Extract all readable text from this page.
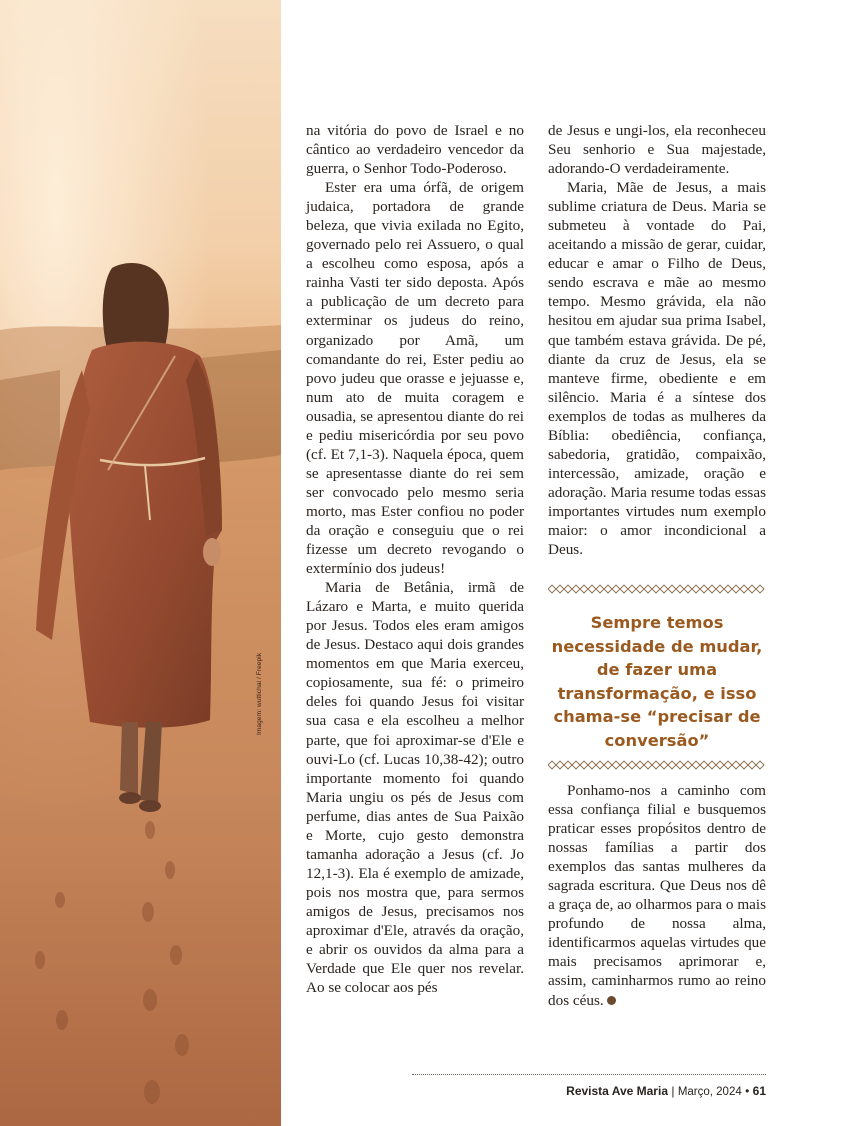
Imagem: wuttichai / Freepik

na vitória do povo de Israel e no cântico ao verdadeiro vencedor da guerra, o Senhor Todo-Poderoso.

Ester era uma órfã, de origem judaica, portadora de grande beleza, que vivia exilada no Egito, governado pelo rei Assuero, o qual a escolheu como esposa, após a rainha Vasti ter sido deposta. Após a publicação de um decreto para exterminar os judeus do reino, organizado por Amã, um comandante do rei, Ester pediu ao povo judeu que orasse e jejuasse e, num ato de muita coragem e ousadia, se apresentou diante do rei e pediu misericórdia por seu povo (cf. Et 7,1-3). Naquela época, quem se apresentasse diante do rei sem ser convocado pelo mesmo seria morto, mas Ester confiou no poder da oração e conseguiu que o rei fizesse um decreto revogando o extermínio dos judeus!

Maria de Betânia, irmã de Lázaro e Marta, e muito querida por Jesus. Todos eles eram amigos de Jesus. Destaco aqui dois grandes momentos em que Maria exerceu, copiosamente, sua fé: o primeiro deles foi quando Jesus foi visitar sua casa e ela escolheu a melhor parte, que foi aproximar-se d'Ele e ouvi-Lo (cf. Lucas 10,38-42); outro importante momento foi quando Maria ungiu os pés de Jesus com perfume, dias antes de Sua Paixão e Morte, cujo gesto demonstra tamanha adoração a Jesus (cf. Jo 12,1-3). Ela é exemplo de amizade, pois nos mostra que, para sermos amigos de Jesus, precisamos nos aproximar d'Ele, através da oração, e abrir os ouvidos da alma para a Verdade que Ele quer nos revelar. Ao se colocar aos pés

de Jesus e ungi-los, ela reconheceu Seu senhorio e Sua majestade, adorando-O verdadeiramente.

Maria, Mãe de Jesus, a mais sublime criatura de Deus. Maria se submeteu à vontade do Pai, aceitando a missão de gerar, cuidar, educar e amar o Filho de Deus, sendo escrava e mãe ao mesmo tempo. Mesmo grávida, ela não hesitou em ajudar sua prima Isabel, que também estava grávida. De pé, diante da cruz de Jesus, ela se manteve firme, obediente e em silêncio. Maria é a síntese dos exemplos de todas as mulheres da Bíblia: obediência, confiança, sabedoria, gratidão, compaixão, intercessão, amizade, oração e adoração. Maria resume todas essas importantes virtudes num exemplo maior: o amor incondicional a Deus.

Sempre temos necessidade de mudar, de fazer uma transformação, e isso chama-se “precisar de conversão”

Ponhamo-nos a caminho com essa confiança filial e busquemos praticar esses propósitos dentro de nossas famílias a partir dos exemplos das santas mulheres da sagrada escritura. Que Deus nos dê a graça de, ao olharmos para o mais profundo de nossa alma, identificarmos aquelas virtudes que mais precisamos aprimorar e, assim, caminharmos rumo ao reino dos céus.

Revista Ave Maria | Março, 2024 • 61
